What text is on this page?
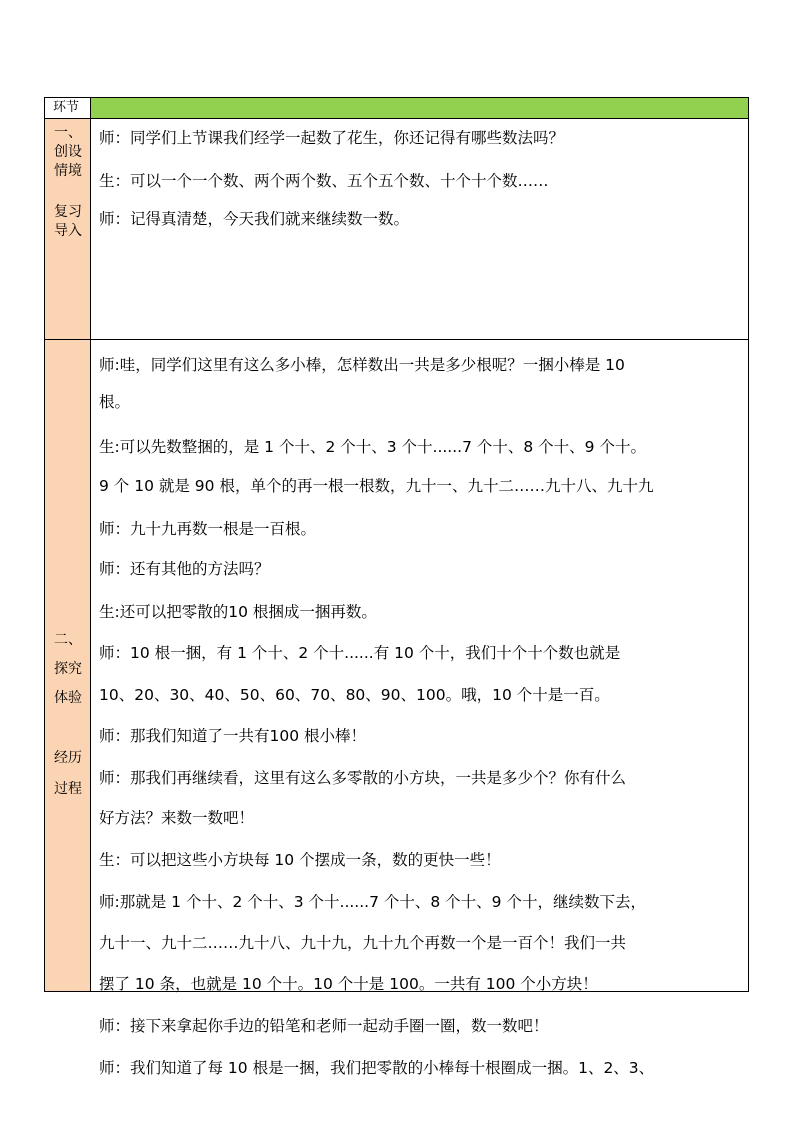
环节
一、
创设
情境
复习
导入
师：同学们上节课我们经学一起数了花生，你还记得有哪些数法吗？
生：可以一个一个数、两个两个数、五个五个数、十个十个数……
师：记得真清楚，今天我们就来继续数一数。
二、
探究
体验
经历
过程
师:哇，同学们这里有这么多小棒，怎样数出一共是多少根呢？一捆小棒是 10
根。
生:可以先数整捆的，是 1 个十、2 个十、3 个十......7 个十、8 个十、9 个十。
9 个 10 就是 90 根，单个的再一根一根数，九十一、九十二……九十八、九十九
师：九十九再数一根是一百根。
师：还有其他的方法吗？
生:还可以把零散的10 根捆成一捆再数。
师：10 根一捆，有 1 个十、2 个十......有 10 个十，我们十个十个数也就是
10、20、30、40、50、60、70、80、90、100。哦，10 个十是一百。
师：那我们知道了一共有100 根小棒！
师：那我们再继续看，这里有这么多零散的小方块，一共是多少个？你有什么
好方法？来数一数吧！
生：可以把这些小方块每 10 个摆成一条，数的更快一些！
师:那就是 1 个十、2 个十、3 个十......7 个十、8 个十、9 个十，继续数下去，
九十一、九十二……九十八、九十九，九十九个再数一个是一百个！我们一共
摆了 10 条，也就是 10 个十。10 个十是 100。一共有 100 个小方块！
师：接下来拿起你手边的铅笔和老师一起动手圈一圈，数一数吧！
师：我们知道了每 10 根是一捆，我们把零散的小棒每十根圈成一捆。1、2、3、
